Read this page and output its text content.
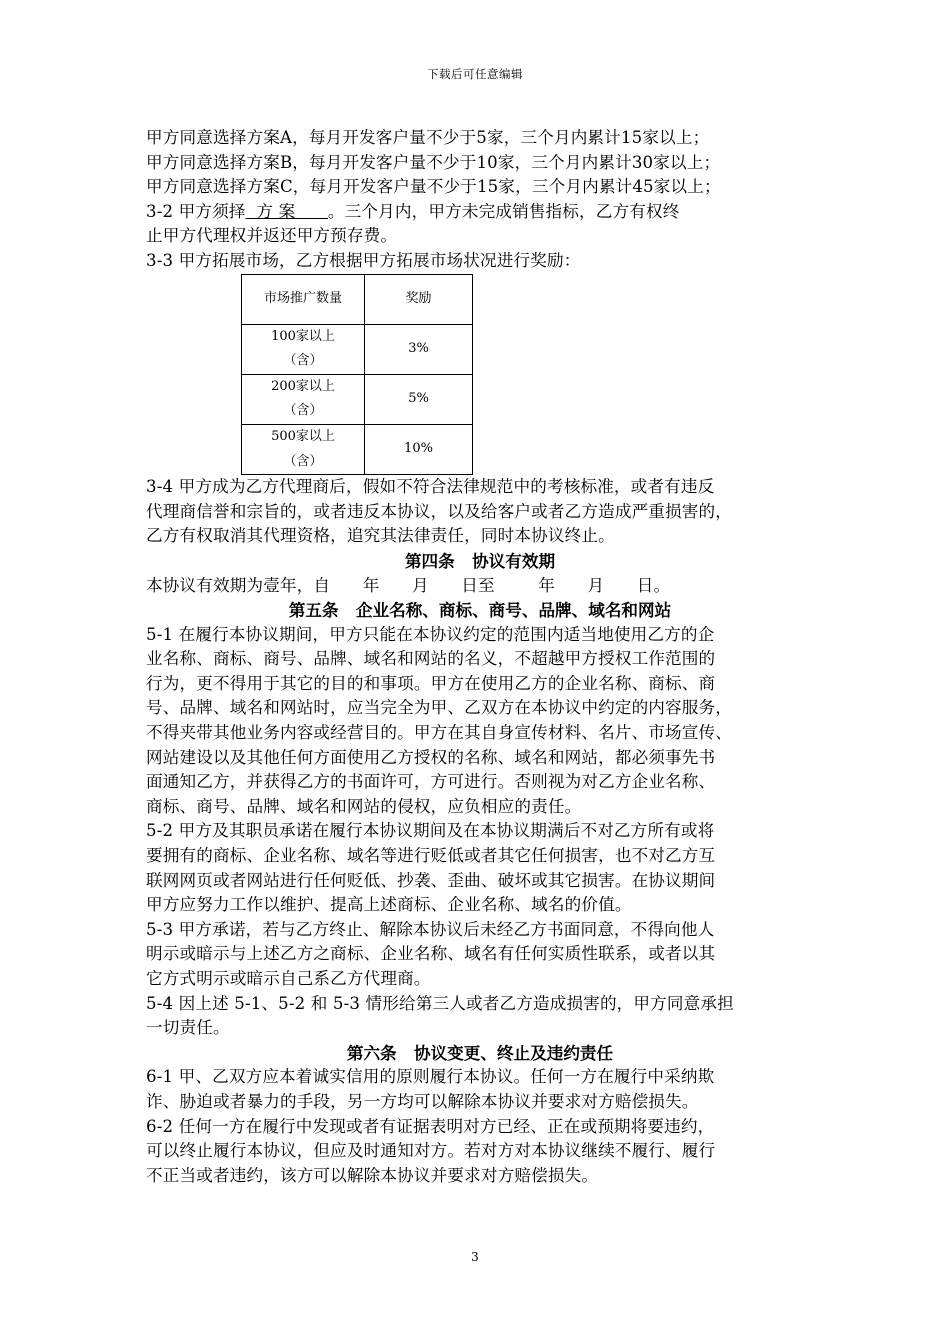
下载后可任意编辑

甲方同意选择方案A，每月开发客户量不少于5家，三个月内累计15家以上；

甲方同意选择方案B，每月开发客户量不少于10家，三个月内累计30家以上；

甲方同意选择方案C，每月开发客户量不少于15家，三个月内累计45家以上；

3-2 甲方须择  方 案      。三个月内，甲方未完成销售指标，乙方有权终

止甲方代理权并返还甲方预存费。

3-3 甲方拓展市场，乙方根据甲方拓展市场状况进行奖励：

市场推广数量	奖励

100家以上
（含）	3%

200家以上
（含）	5%

500家以上
（含）	10%

3-4 甲方成为乙方代理商后，假如不符合法律规范中的考核标准，或者有违反

代理商信誉和宗旨的，或者违反本协议，以及给客户或者乙方造成严重损害的，

乙方有权取消其代理资格，追究其法律责任，同时本协议终止。

第四条   协议有效期

本协议有效期为壹年，自      年      月      日至        年      月      日。

第五条   企业名称、商标、商号、品牌、域名和网站

5-1 在履行本协议期间，甲方只能在本协议约定的范围内适当地使用乙方的企

业名称、商标、商号、品牌、域名和网站的名义，不超越甲方授权工作范围的

行为，更不得用于其它的目的和事项。甲方在使用乙方的企业名称、商标、商

号、品牌、域名和网站时，应当完全为甲、乙双方在本协议中约定的内容服务，

不得夹带其他业务内容或经营目的。甲方在其自身宣传材料、名片、市场宣传、

网站建设以及其他任何方面使用乙方授权的名称、域名和网站，都必须事先书

面通知乙方，并获得乙方的书面许可，方可进行。否则视为对乙方企业名称、

商标、商号、品牌、域名和网站的侵权，应负相应的责任。

5-2 甲方及其职员承诺在履行本协议期间及在本协议期满后不对乙方所有或将

要拥有的商标、企业名称、域名等进行贬低或者其它任何损害，也不对乙方互

联网网页或者网站进行任何贬低、抄袭、歪曲、破坏或其它损害。在协议期间

甲方应努力工作以维护、提高上述商标、企业名称、域名的价值。

5-3 甲方承诺，若与乙方终止、解除本协议后未经乙方书面同意，不得向他人

明示或暗示与上述乙方之商标、企业名称、域名有任何实质性联系，或者以其

它方式明示或暗示自己系乙方代理商。

5-4 因上述 5-1、5-2 和 5-3 情形给第三人或者乙方造成损害的，甲方同意承担

一切责任。

第六条   协议变更、终止及违约责任

6-1 甲、乙双方应本着诚实信用的原则履行本协议。任何一方在履行中采纳欺

诈、胁迫或者暴力的手段，另一方均可以解除本协议并要求对方赔偿损失。

6-2 任何一方在履行中发现或者有证据表明对方已经、正在或预期将要违约，

可以终止履行本协议，但应及时通知对方。若对方对本协议继续不履行、履行

不正当或者违约，该方可以解除本协议并要求对方赔偿损失。

3
